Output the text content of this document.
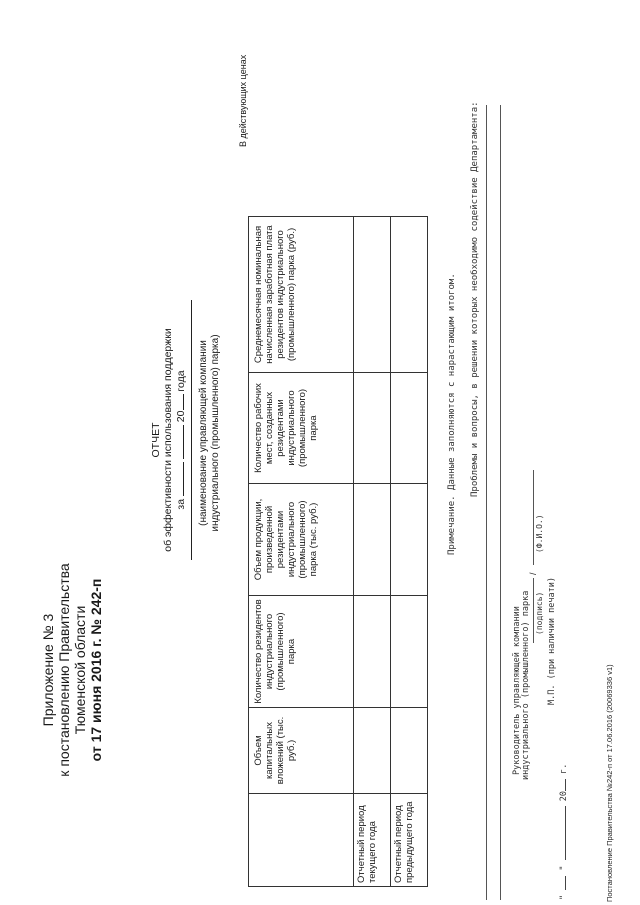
Приложение № 3 к постановлению Правительства Тюменской области от 17 июня 2016 г. № 242-п
В действующих ценах
ОТЧЕТ об эффективности использования поддержки за   20 года (наименование управляющей компании индустриального (промышленного) парка)
	Объем капитальных вложений (тыс. руб.)	Количество резидентов индустриального (промышленного) парка	Объем продукции, произведенной резидентами индустриального (промышленного) парка (тыс. руб.)	Количество рабочих мест, созданных резидентами индустриального (промышленного) парка	Среднемесячная номинальная начисленная заработная плата резидентов индустриального (промышленного) парка (руб.)
Отчетный период текущего года					
Отчетный период предыдущего года					
Примечание. Данные заполняются с нарастающим итогом. Проблемы и вопросы, в решении которых необходимо содействие Департамента:
Руководитель управляющей компании индустриального (промышленного) парка (подпись)
/
(Ф.И.О.)
М.П. (при наличии печати)
"  "  20 г.	Постановление Правительства №242-п от 17.06.2016 (20069336 v1)
